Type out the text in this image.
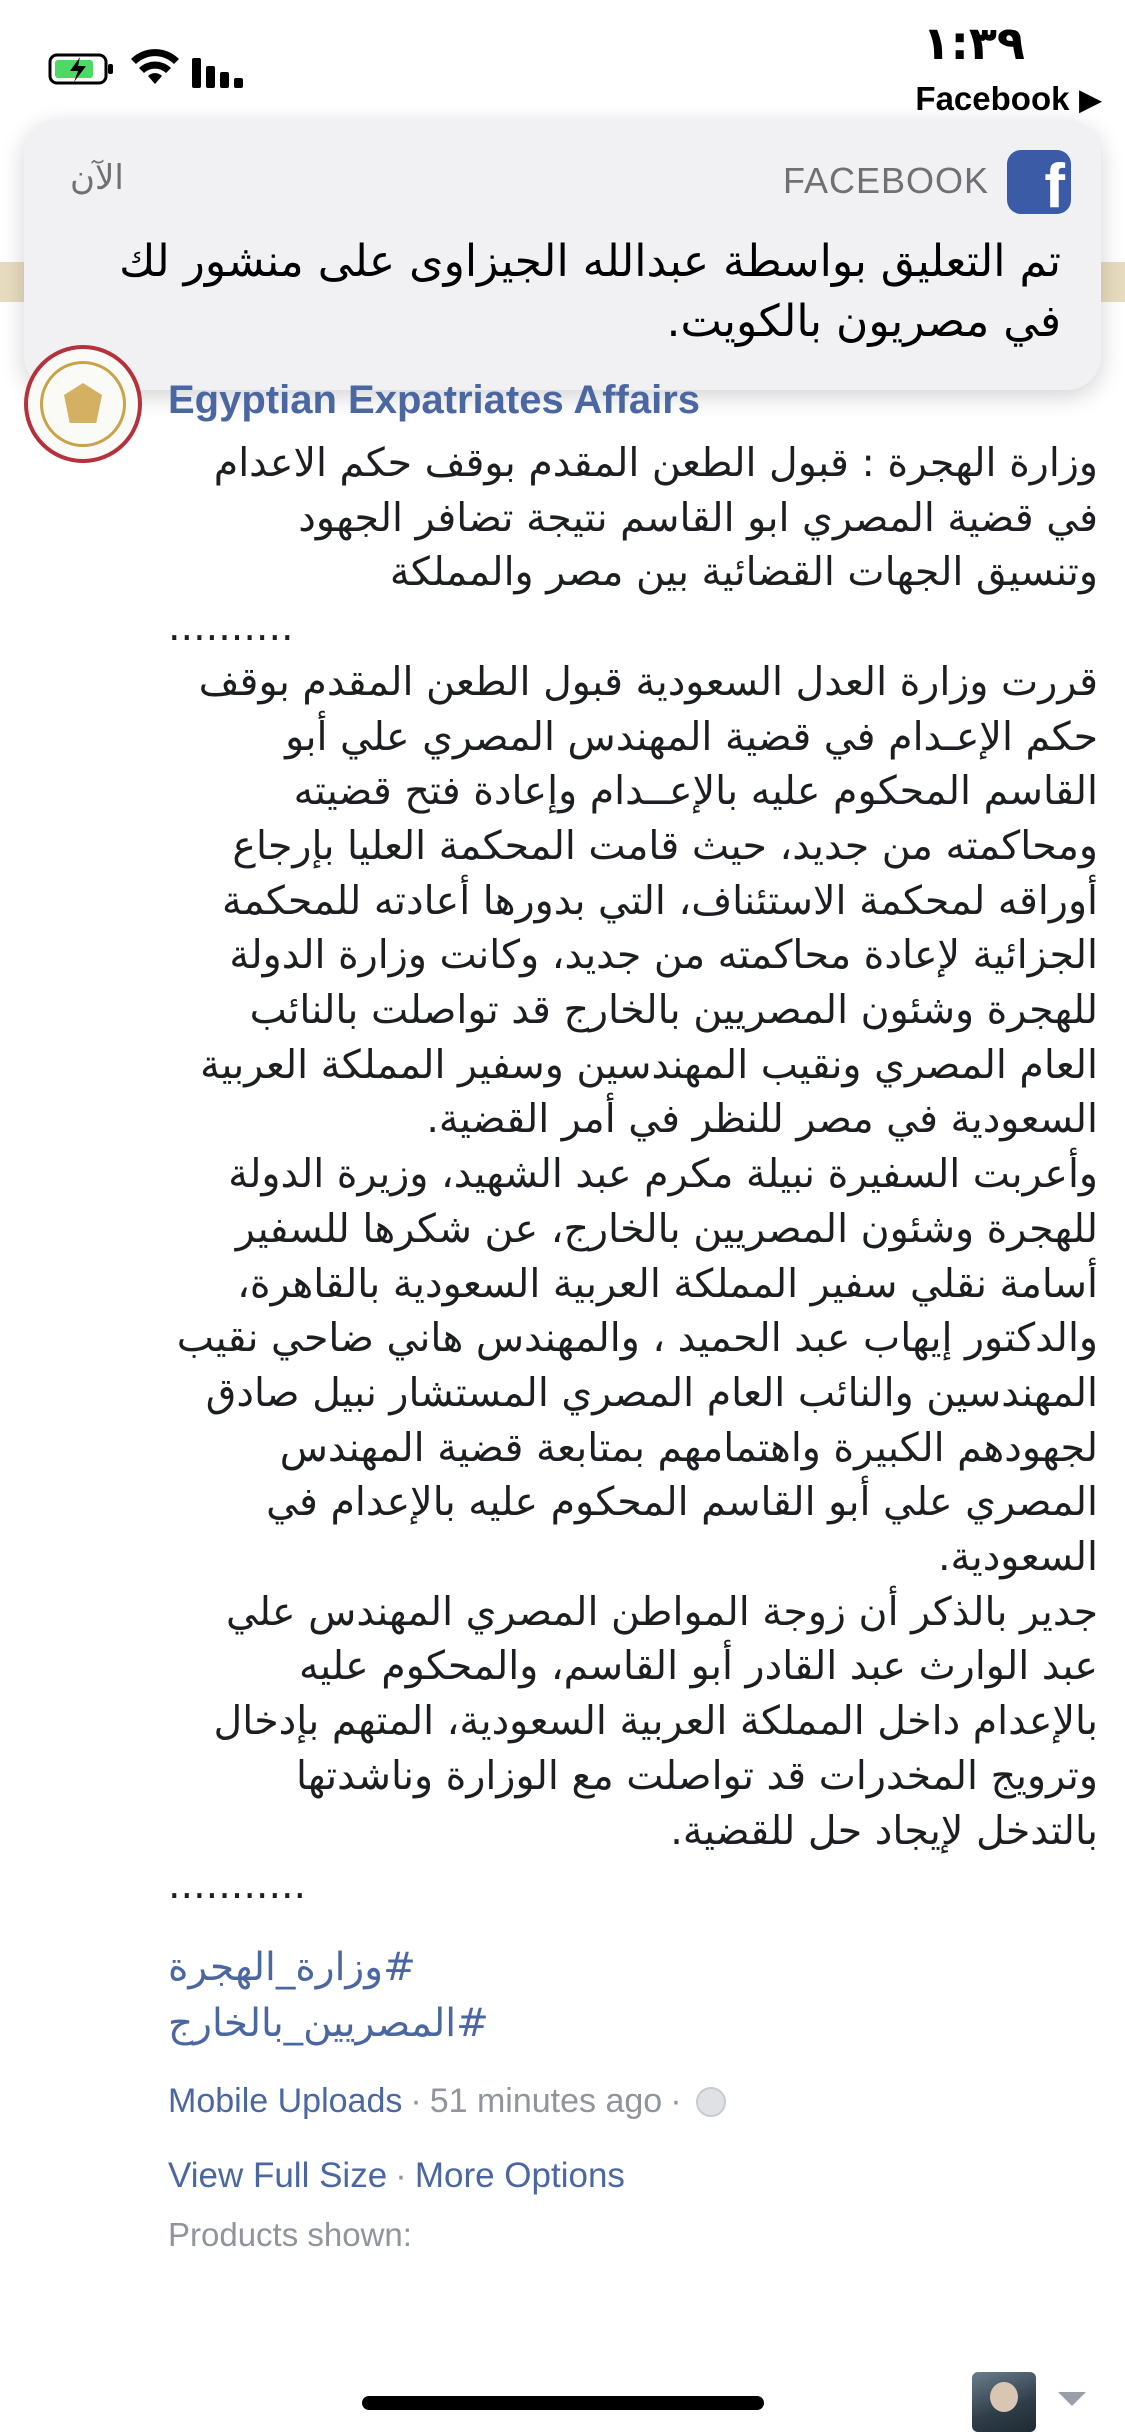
١:٣٩
Facebook ▶
الآن	FACEBOOK f
تم التعليق بواسطة عبدالله الجيزاوى على منشور لك في مصريون بالكويت.
Egyptian Expatriates Affairs

وزارة الهجرة : قبول الطعن المقدم بوقف حكم الاعدام في قضية المصري ابو القاسم نتيجة تضافر الجهود وتنسيق الجهات القضائية بين مصر والمملكة

..........

قررت وزارة العدل السعودية قبول الطعن المقدم بوقف حكم الإعـدام في قضية المهندس المصري علي أبو القاسم المحكوم عليه بالإعــدام وإعادة فتح قضيته ومحاكمته من جديد، حيث قامت المحكمة العليا بإرجاع أوراقه لمحكمة الاستئناف، التي بدورها أعادته للمحكمة الجزائية لإعادة محاكمته من جديد، وكانت وزارة الدولة للهجرة وشئون المصريين بالخارج قد تواصلت بالنائب العام المصري ونقيب المهندسين وسفير المملكة العربية السعودية في مصر للنظر في أمر القضية.

وأعربت السفيرة نبيلة مكرم عبد الشهيد، وزيرة الدولة للهجرة وشئون المصريين بالخارج، عن شكرها للسفير أسامة نقلي سفير المملكة العربية السعودية بالقاهرة، والدكتور إيهاب عبد الحميد ، والمهندس هاني ضاحي نقيب المهندسين والنائب العام المصري المستشار نبيل صادق لجهودهم الكبيرة واهتمامهم بمتابعة قضية المهندس المصري علي أبو القاسم المحكوم عليه بالإعدام في السعودية.

جدير بالذكر أن زوجة المواطن المصري المهندس علي عبد الوارث عبد القادر أبو القاسم، والمحكوم عليه بالإعدام داخل المملكة العربية السعودية، المتهم بإدخال وترويج المخدرات قد تواصلت مع الوزارة وناشدتها بالتدخل لإيجاد حل للقضية.

...........

#وزارة_الهجرة
#المصريين_بالخارج
Mobile Uploads · 51 minutes ago ·
View Full Size · More Options
Products shown:
